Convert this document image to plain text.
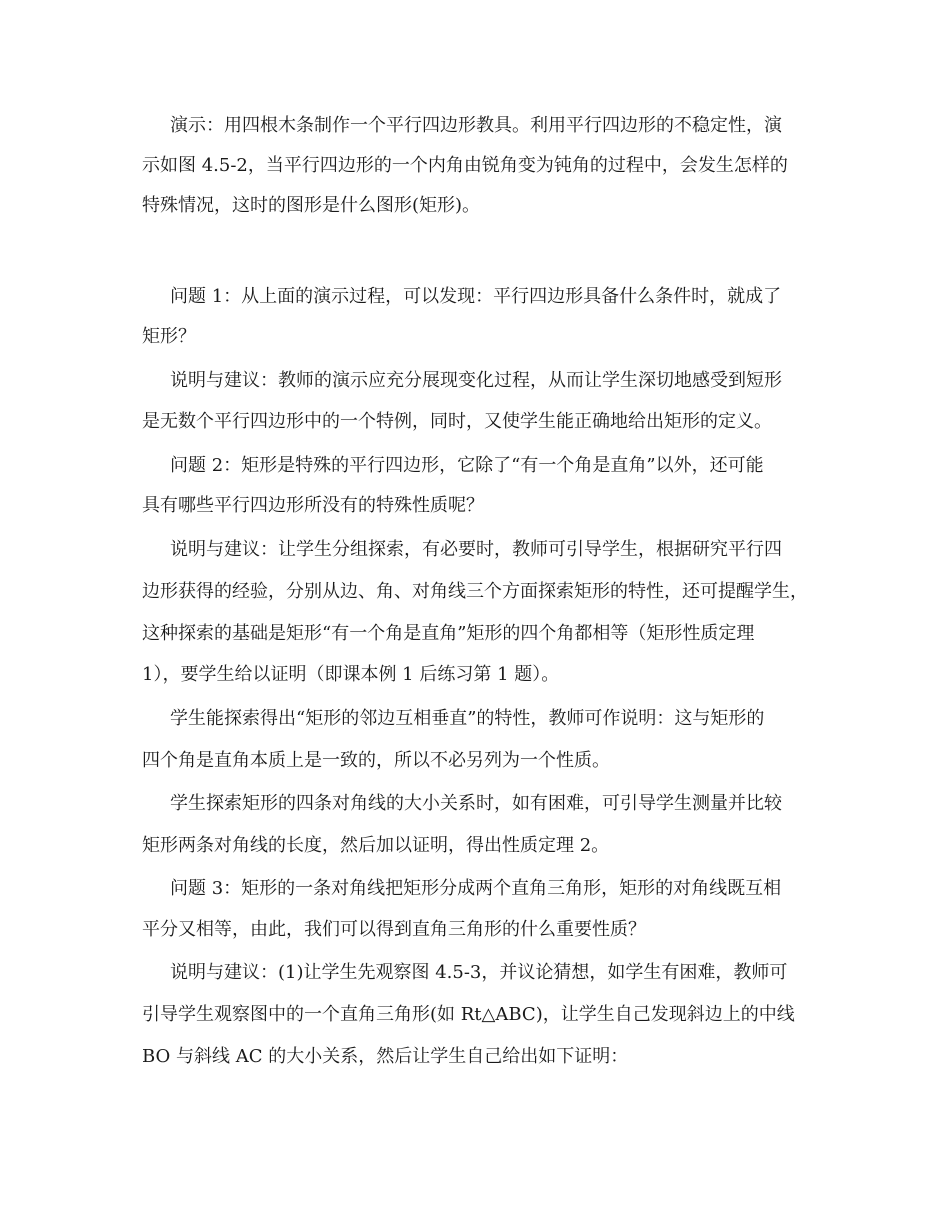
演示：用四根木条制作一个平行四边形教具。利用平行四边形的不稳定性，演
示如图 4.5-2，当平行四边形的一个内角由锐角变为钝角的过程中，会发生怎样的
特殊情况，这时的图形是什么图形(矩形)。
问题 1：从上面的演示过程，可以发现：平行四边形具备什么条件时，就成了
矩形？
说明与建议：教师的演示应充分展现变化过程，从而让学生深切地感受到短形
是无数个平行四边形中的一个特例，同时，又使学生能正确地给出矩形的定义。
问题 2：矩形是特殊的平行四边形，它除了“有一个角是直角”以外，还可能
具有哪些平行四边形所没有的特殊性质呢？
说明与建议：让学生分组探索，有必要时，教师可引导学生，根据研究平行四
边形获得的经验，分别从边、角、对角线三个方面探索矩形的特性，还可提醒学生，
这种探索的基础是矩形“有一个角是直角”矩形的四个角都相等（矩形性质定理
1），要学生给以证明（即课本例 1 后练习第 1 题）。
学生能探索得出“矩形的邻边互相垂直”的特性，教师可作说明：这与矩形的
四个角是直角本质上是一致的，所以不必另列为一个性质。
学生探索矩形的四条对角线的大小关系时，如有困难，可引导学生测量并比较
矩形两条对角线的长度，然后加以证明，得出性质定理 2。
问题 3：矩形的一条对角线把矩形分成两个直角三角形，矩形的对角线既互相
平分又相等，由此，我们可以得到直角三角形的什么重要性质？
说明与建议：(1)让学生先观察图 4.5-3，并议论猜想，如学生有困难，教师可
引导学生观察图中的一个直角三角形(如 Rt△ABC)，让学生自己发现斜边上的中线
BO 与斜线 AC 的大小关系，然后让学生自己给出如下证明：
